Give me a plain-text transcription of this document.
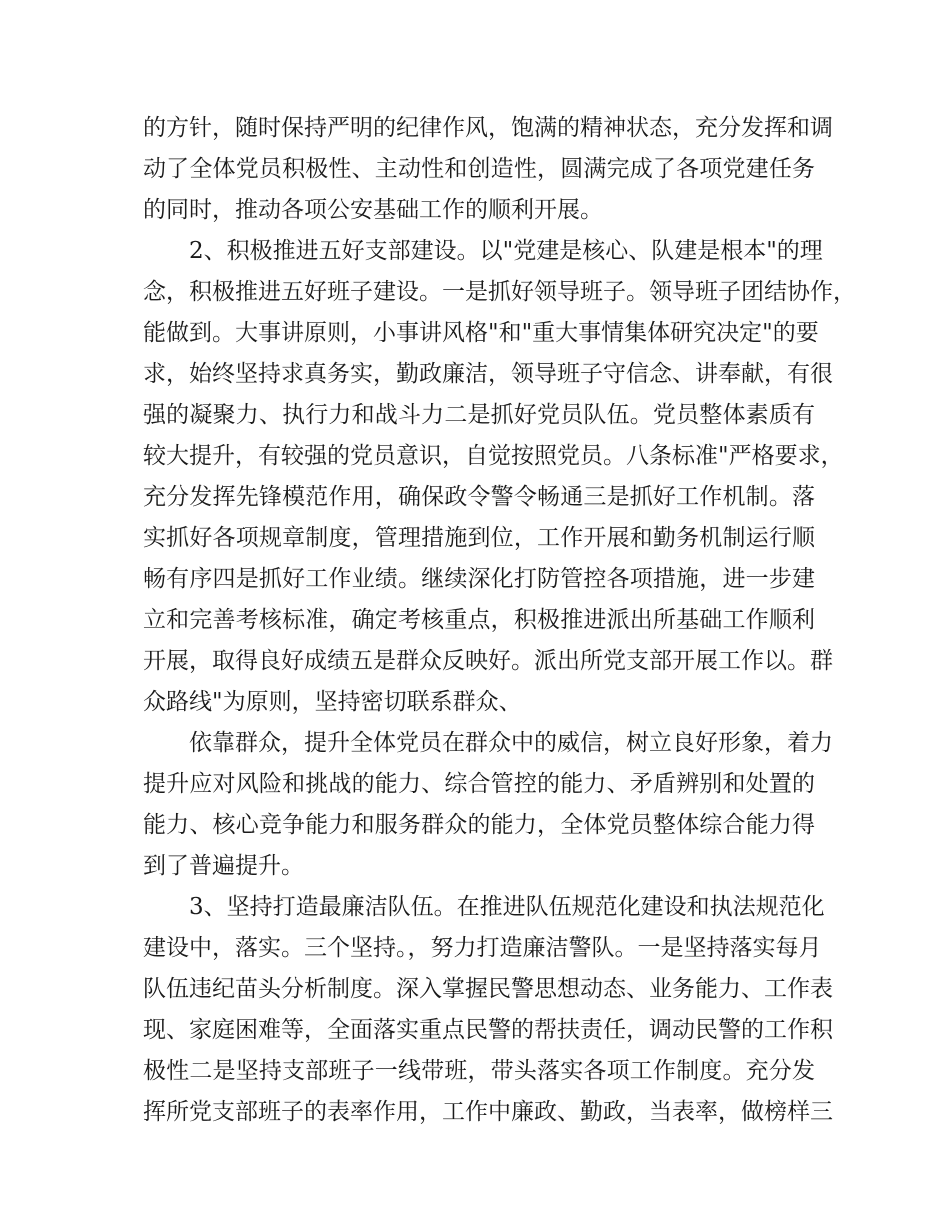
的方针，随时保持严明的纪律作风，饱满的精神状态，充分发挥和调
动了全体党员积极性、主动性和创造性，圆满完成了各项党建任务
的同时，推动各项公安基础工作的顺利开展。
2、积极推进五好支部建设。以"党建是核心、队建是根本"的理
念，积极推进五好班子建设。一是抓好领导班子。领导班子团结协作，
能做到。大事讲原则，小事讲风格"和"重大事情集体研究决定"的要
求，始终坚持求真务实，勤政廉洁，领导班子守信念、讲奉献，有很
强的凝聚力、执行力和战斗力二是抓好党员队伍。党员整体素质有
较大提升，有较强的党员意识，自觉按照党员。八条标准"严格要求，
充分发挥先锋模范作用，确保政令警令畅通三是抓好工作机制。落
实抓好各项规章制度，管理措施到位，工作开展和勤务机制运行顺
畅有序四是抓好工作业绩。继续深化打防管控各项措施，进一步建
立和完善考核标准，确定考核重点，积极推进派出所基础工作顺利
开展，取得良好成绩五是群众反映好。派出所党支部开展工作以。群
众路线"为原则，坚持密切联系群众、
依靠群众，提升全体党员在群众中的威信，树立良好形象，着力
提升应对风险和挑战的能力、综合管控的能力、矛盾辨别和处置的
能力、核心竞争能力和服务群众的能力，全体党员整体综合能力得
到了普遍提升。
3、坚持打造最廉洁队伍。在推进队伍规范化建设和执法规范化
建设中，落实。三个坚持。，努力打造廉洁警队。一是坚持落实每月
队伍违纪苗头分析制度。深入掌握民警思想动态、业务能力、工作表
现、家庭困难等，全面落实重点民警的帮扶责任，调动民警的工作积
极性二是坚持支部班子一线带班，带头落实各项工作制度。充分发
挥所党支部班子的表率作用，工作中廉政、勤政，当表率，做榜样三
